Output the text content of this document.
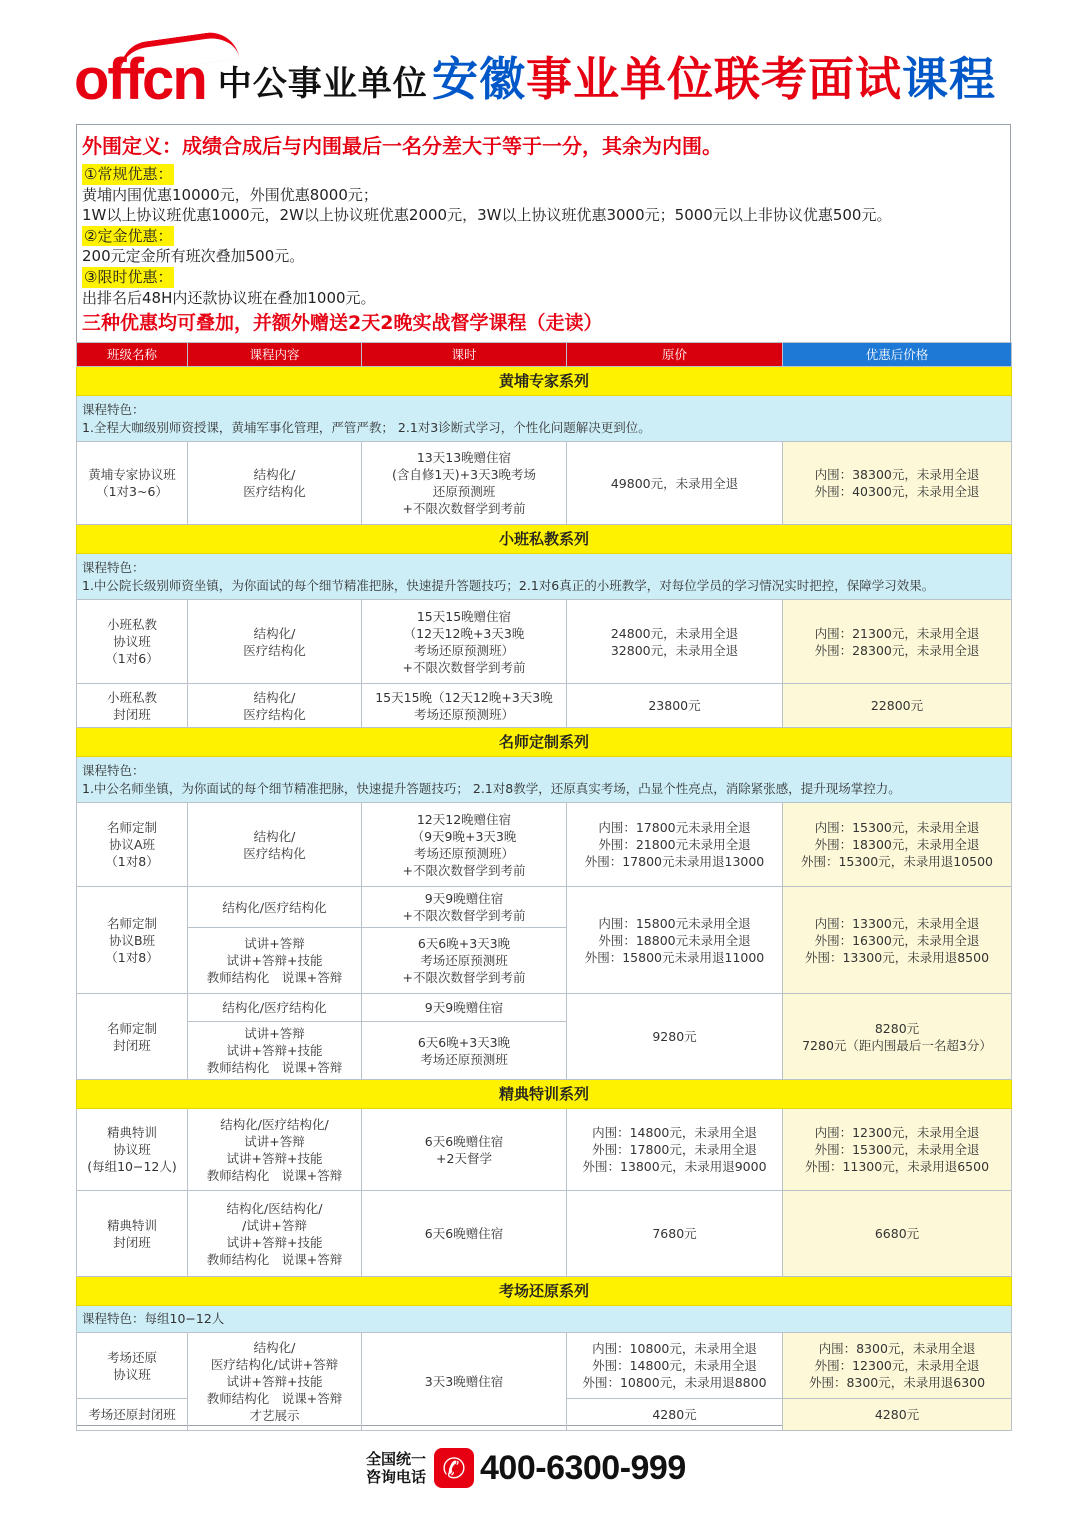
offcn 中公事业单位 安徽事业单位联考面试课程
外围定义：成绩合成后与内围最后一名分差大于等于一分，其余为内围。
①常规优惠：
黄埔内围优惠10000元，外围优惠8000元；
1W以上协议班优惠1000元，2W以上协议班优惠2000元，3W以上协议班优惠3000元；5000元以上非协议优惠500元。
②定金优惠：
200元定金所有班次叠加500元。
③限时优惠：
出排名后48H内还款协议班在叠加1000元。
三种优惠均可叠加，并额外赠送2天2晚实战督学课程（走读）
班级名称	课程内容	课时	原价	优惠后价格
黄埔专家系列				
课程特色：
1.全程大咖级别师资授课，黄埔军事化管理，严管严教； 2.1对3诊断式学习，个性化问题解决更到位。				
黄埔专家协议班
（1对3~6）	结构化/
医疗结构化	13天13晚赠住宿
(含自修1天)+3天3晚考场
还原预测班
+不限次数督学到考前	49800元，未录用全退	内围：38300元，未录用全退
外围：40300元，未录用全退
小班私教系列				
课程特色：
1.中公院长级别师资坐镇，为你面试的每个细节精准把脉，快速提升答题技巧；2.1对6真正的小班教学，对每位学员的学习情况实时把控，保障学习效果。				
小班私教
协议班
（1对6）	结构化/
医疗结构化	15天15晚赠住宿
（12天12晚+3天3晚
考场还原预测班）
+不限次数督学到考前	24800元，未录用全退
32800元，未录用全退	内围：21300元，未录用全退
外围：28300元，未录用全退
小班私教
封闭班	结构化/
医疗结构化	15天15晚（12天12晚+3天3晚
考场还原预测班）	23800元	22800元
名师定制系列				
课程特色：
1.中公名师坐镇，为你面试的每个细节精准把脉，快速提升答题技巧； 2.1对8教学，还原真实考场，凸显个性亮点，消除紧张感，提升现场掌控力。				
名师定制
协议A班
（1对8）	结构化/
医疗结构化	12天12晚赠住宿
（9天9晚+3天3晚
考场还原预测班）
+不限次数督学到考前	内围：17800元未录用全退
外围：21800元未录用全退
外围：17800元未录用退13000	内围：15300元，未录用全退
外围：18300元，未录用全退
外围：15300元，未录用退10500
名师定制
协议B班
（1对8）	结构化/医疗结构化	9天9晚赠住宿
+不限次数督学到考前	内围：15800元未录用全退
外围：18800元未录用全退
外围：15800元未录用退11000	内围：13300元，未录用全退
外围：16300元，未录用全退
外围：13300元，未录用退8500
	试讲+答辩
试讲+答辩+技能
教师结构化　说课+答辩	6天6晚+3天3晚
考场还原预测班
+不限次数督学到考前		
名师定制
封闭班	结构化/医疗结构化	9天9晚赠住宿	9280元	8280元
7280元（距内围最后一名超3分）
	试讲+答辩
试讲+答辩+技能
教师结构化　说课+答辩	6天6晚+3天3晚
考场还原预测班		
精典特训系列				
精典特训
协议班
(每组10−12人)	结构化/医疗结构化/
试讲+答辩
试讲+答辩+技能
教师结构化　说课+答辩	6天6晚赠住宿
+2天督学	内围：14800元，未录用全退
外围：17800元，未录用全退
外围：13800元，未录用退9000	内围：12300元，未录用全退
外围：15300元，未录用全退
外围：11300元，未录用退6500
精典特训
封闭班	结构化/医结构化/
/试讲+答辩
试讲+答辩+技能
教师结构化　说课+答辩	6天6晚赠住宿	7680元	6680元
考场还原系列				
课程特色：每组10−12人				
考场还原
协议班	结构化/
医疗结构化/试讲+答辩
试讲+答辩+技能
教师结构化　说课+答辩
才艺展示	3天3晚赠住宿	内围：10800元，未录用全退
外围：14800元，未录用全退
外围：10800元，未录用退8800	内围：8300元，未录用全退
外围：12300元，未录用全退
外围：8300元，未录用退6300
考场还原封闭班			4280元	4280元
全国统一
咨询电话 ✆ 400-6300-999
